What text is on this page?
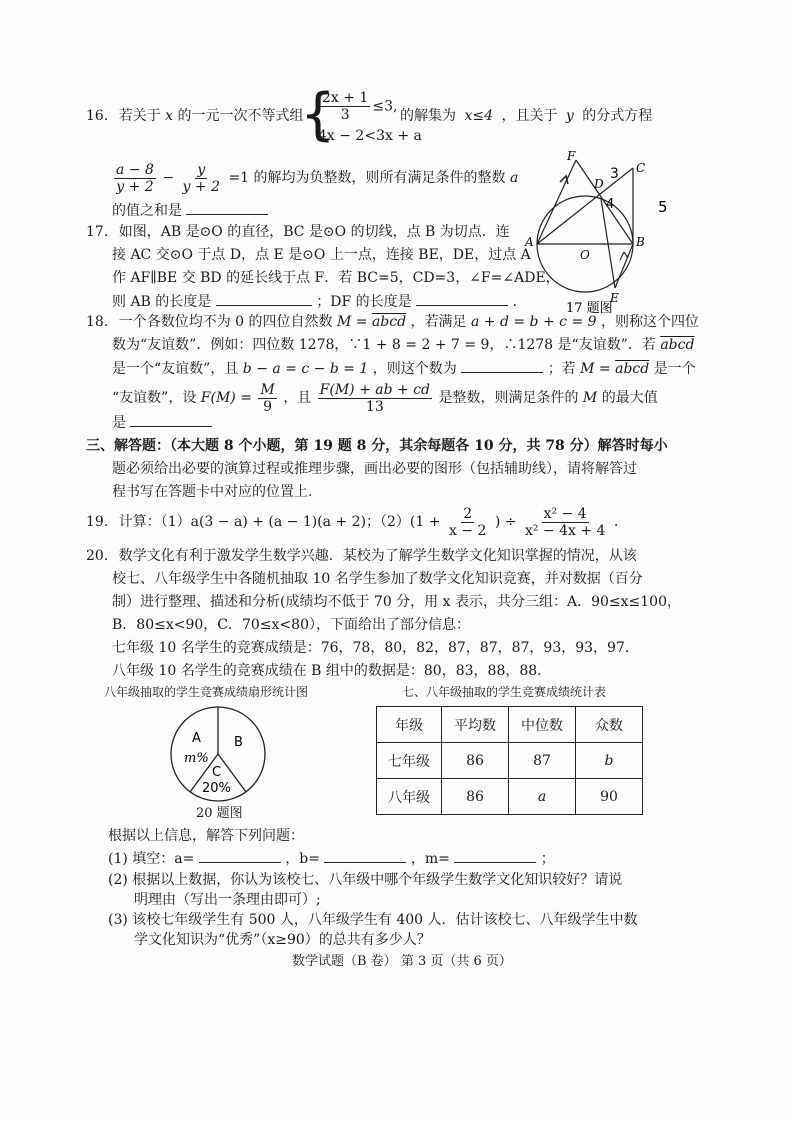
16. 若关于 x 的一元一次不等式组
{
$\frac{2x + 1}{3} \le 3$,
4x − 2<3x + a
的解集为 x≤4 ，且关于 y 的分式方程
$\frac{a - 8}{y + 2} - \frac{y}{y + 2} =1$ 的解均为负整数，则所有满足条件的整数 a
的值之和是
17. 如图，AB 是⊙O 的直径，BC 是⊙O 的切线，点 B 为切点．连
接 AC 交⊙O 于点 D，点 E 是⊙O 上一点，连接 BE，DE，过点 A
作 AF∥BE 交 BD 的延长线于点 F．若 BC=5，CD=3，∠F=∠ADE，
则 AB 的长度是	；DF 的长度是	.
F
C
D
A
O
B
E
3
5
4
17 题图
18. 一个各数位均不为 0 的四位自然数 M = abcd ，若满足 a + d = b + c = 9 ，则称这个四位
数为“友谊数”．例如：四位数 1278，∵1 + 8 = 2 + 7 = 9，∴1278 是“友谊数”．若 abcd
是一个“友谊数”，且 b − a = c − b = 1 ，则这个数为	；若 M = abcd 是一个
“友谊数”，设 $F(M) = \frac{M}{9}$ ，且 $\frac{F(M) + ab + cd}{13}$ 是整数，则满足条件的 M 的最大值
是
三、解答题：（本大题 8 个小题，第 19 题 8 分，其余每题各 10 分，共 78 分）解答时每小
题必须给出必要的演算过程或推理步骤，画出必要的图形（包括辅助线），请将解答过
程书写在答题卡中对应的位置上.
19. 计算：（1）a(3 − a) + (a − 1)(a + 2)；$(2)(1 + \frac{2}{x - 2}$ ) ÷ $\frac{\text{x² − 4}}{\text{x² − 4x + 4}}$ .
20. 数学文化有利于激发学生数学兴趣．某校为了解学生数学文化知识掌握的情况，从该
校七、八年级学生中各随机抽取 10 名学生参加了数学文化知识竞赛，并对数据（百分
制）进行整理、描述和分析(成绩均不低于 70 分，用 x 表示，共分三组：A．90≤x≤100，
B．80≤x<90，C．70≤x<80），下面给出了部分信息：
七年级 10 名学生的竞赛成绩是：76，78，80，82，87，87，87，93，93，97．
八年级 10 名学生的竞赛成绩在 B 组中的数据是：80，83，88，88．
八年级抽取的学生竞赛成绩扇形统计图	七、八年级抽取的学生竞赛成绩统计表
A
m%
B
C
20%
20 题图
年级	平均数	中位数	众数
七年级	86	87	b
八年级	86	a	90
根据以上信息，解答下列问题：
(1) 填空：a=	，b=	，m=	；
(2) 根据以上数据，你认为该校七、八年级中哪个年级学生数学文化知识较好？请说
明理由（写出一条理由即可）;
(3) 该校七年级学生有 500 人，八年级学生有 400 人．估计该校七、八年级学生中数
学文化知识为“优秀”（x≥90）的总共有多少人？
数学试题（B 卷） 第 3 页（共 6 页）
